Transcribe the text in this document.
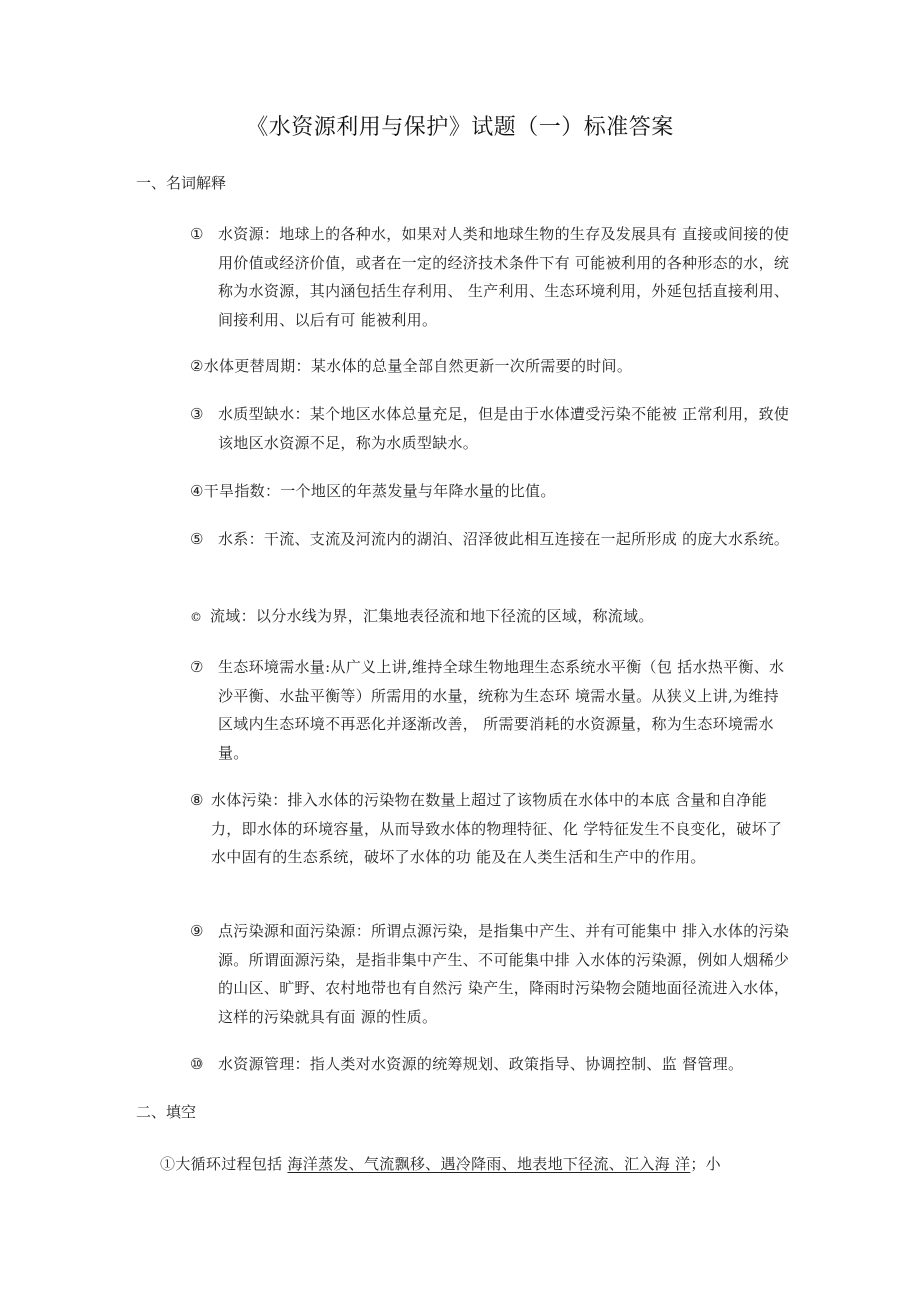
《水资源利用与保护》试题（一）标准答案
一、名词解释
① 水资源：地球上的各种水，如果对人类和地球生物的生存及发展具有 直接或间接的使用价值或经济价值，或者在一定的经济技术条件下有 可能被利用的各种形态的水，统称为水资源，其内涵包括生存利用、 生产利用、生态环境利用，外延包括直接利用、间接利用、以后有可 能被利用。
②水体更替周期：某水体的总量全部自然更新一次所需要的时间。
③ 水质型缺水：某个地区水体总量充足，但是由于水体遭受污染不能被 正常利用，致使该地区水资源不足，称为水质型缺水。
④干旱指数：一个地区的年蒸发量与年降水量的比值。
⑤ 水系：干流、支流及河流内的湖泊、沼泽彼此相互连接在一起所形成 的庞大水系统。
© 流域：以分水线为界，汇集地表径流和地下径流的区域，称流域。
⑦ 生态环境需水量:从广义上讲,维持全球生物地理生态系统水平衡（包 括水热平衡、水沙平衡、水盐平衡等）所需用的水量，统称为生态环 境需水量。从狭义上讲,为维持区域内生态环境不再恶化并逐渐改善， 所需要消耗的水资源量，称为生态环境需水量。
⑧ 水体污染：排入水体的污染物在数量上超过了该物质在水体中的本底 含量和自净能力，即水体的环境容量，从而导致水体的物理特征、化 学特征发生不良变化，破坏了水中固有的生态系统，破坏了水体的功 能及在人类生活和生产中的作用。
⑨ 点污染源和面污染源：所谓点源污染，是指集中产生、并有可能集中 排入水体的污染源。所谓面源污染，是指非集中产生、不可能集中排 入水体的污染源，例如人烟稀少的山区、旷野、农村地带也有自然污 染产生，降雨时污染物会随地面径流进入水体，这样的污染就具有面 源的性质。
⑩ 水资源管理：指人类对水资源的统筹规划、政策指导、协调控制、监 督管理。
二、填空
①大循环过程包括 海洋蒸发、气流飘移、遇冷降雨、地表地下径流、汇入海 洋；小
